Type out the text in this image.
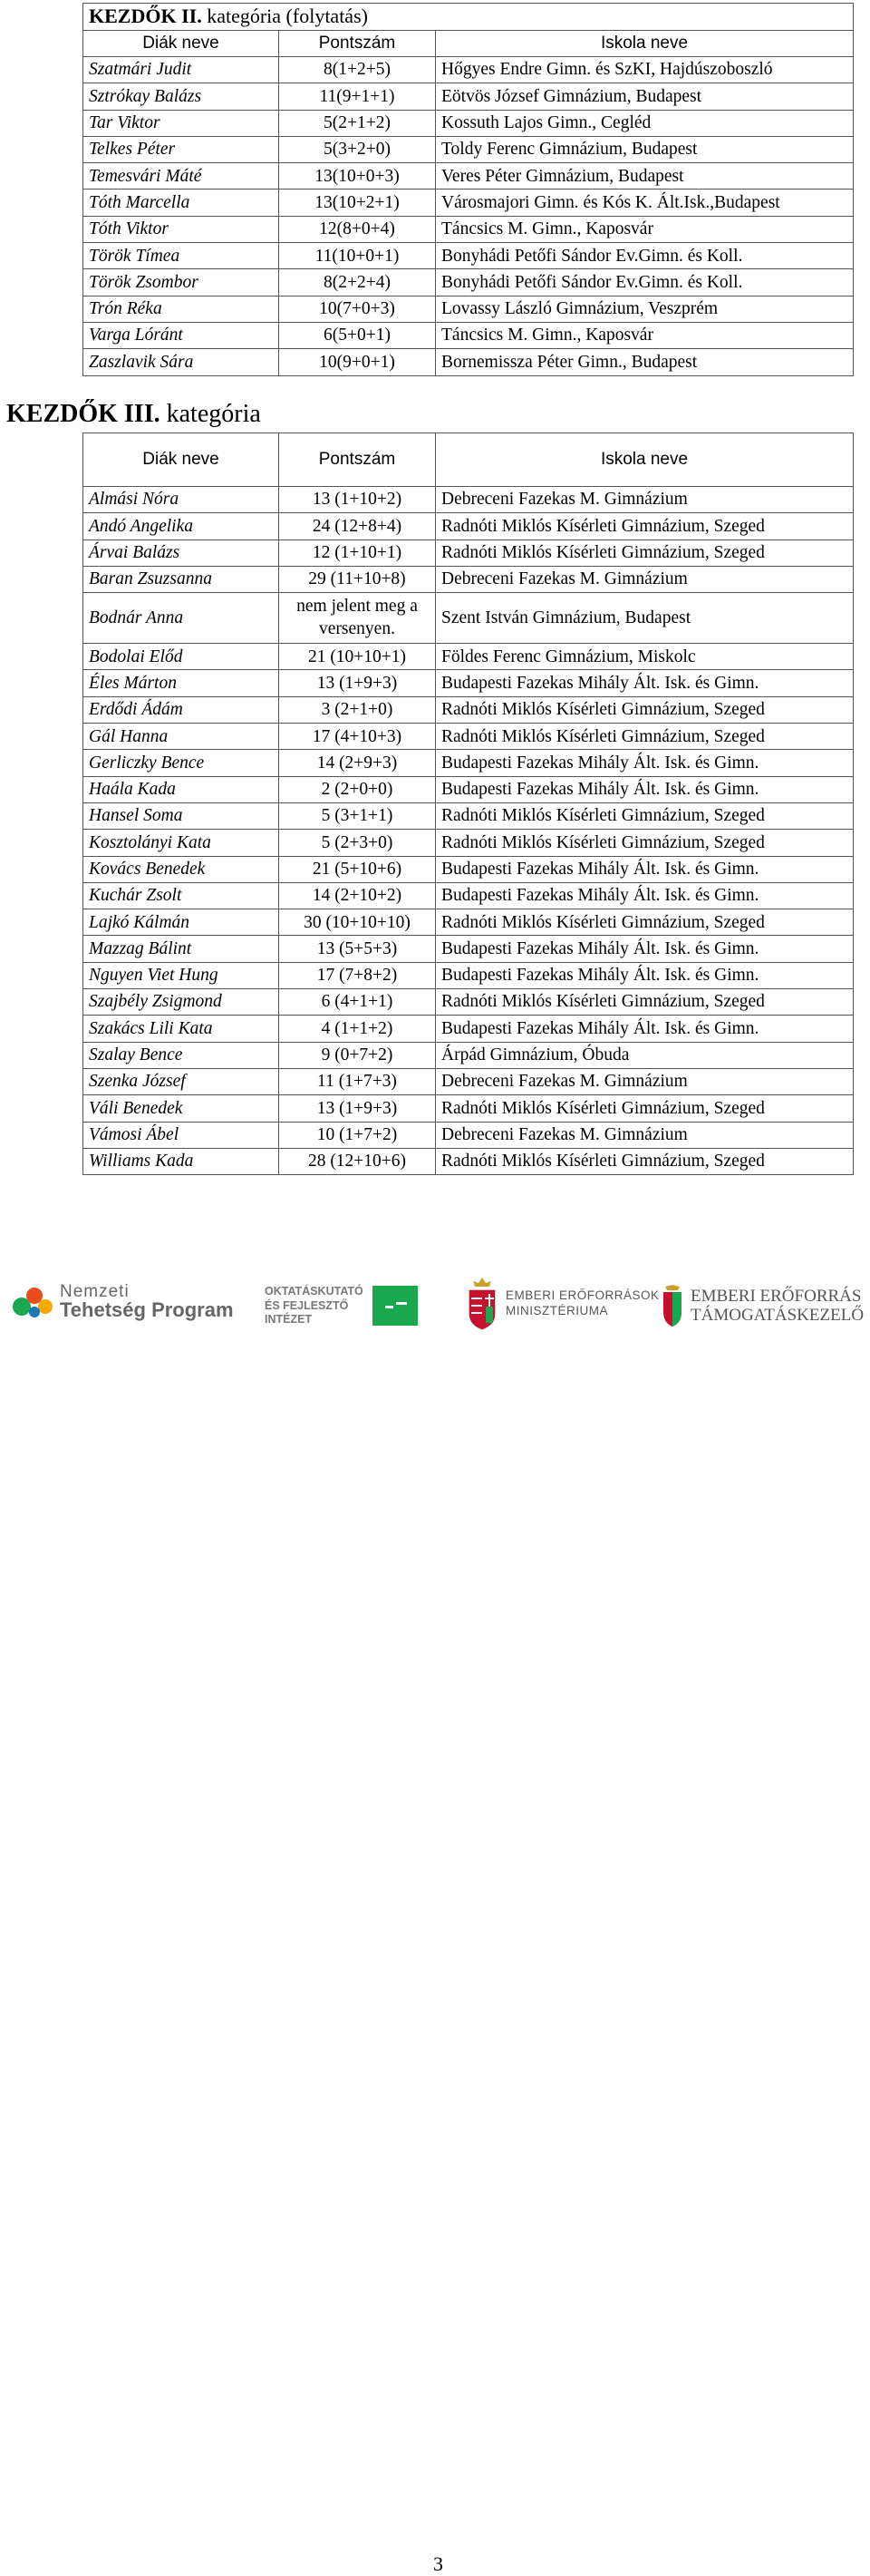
KEZDŐK II. kategória (folytatás)		
Diák neve	Pontszám	Iskola neve
Szatmári Judit	8(1+2+5)	Hőgyes Endre Gimn. és SzKI, Hajdúszoboszló
Sztrókay Balázs	11(9+1+1)	Eötvös József Gimnázium, Budapest
Tar Viktor	5(2+1+2)	Kossuth Lajos Gimn., Cegléd
Telkes Péter	5(3+2+0)	Toldy Ferenc Gimnázium, Budapest
Temesvári Máté	13(10+0+3)	Veres Péter Gimnázium, Budapest
Tóth Marcella	13(10+2+1)	Városmajori Gimn. és Kós K. Ált.Isk.,Budapest
Tóth Viktor	12(8+0+4)	Táncsics M. Gimn., Kaposvár
Török Tímea	11(10+0+1)	Bonyhádi Petőfi Sándor Ev.Gimn. és Koll.
Török Zsombor	8(2+2+4)	Bonyhádi Petőfi Sándor Ev.Gimn. és Koll.
Trón Réka	10(7+0+3)	Lovassy László Gimnázium, Veszprém
Varga Lóránt	6(5+0+1)	Táncsics M. Gimn., Kaposvár
Zaszlavik Sára	10(9+0+1)	Bornemissza Péter Gimn., Budapest
KEZDŐK III. kategória
Diák neve	Pontszám	Iskola neve
Almási Nóra	13 (1+10+2)	Debreceni Fazekas M. Gimnázium
Andó Angelika	24 (12+8+4)	Radnóti Miklós Kísérleti Gimnázium, Szeged
Árvai Balázs	12 (1+10+1)	Radnóti Miklós Kísérleti Gimnázium, Szeged
Baran Zsuzsanna	29 (11+10+8)	Debreceni Fazekas M. Gimnázium
Bodnár Anna	nem jelent meg a versenyen.	Szent István Gimnázium, Budapest
Bodolai Előd	21 (10+10+1)	Földes Ferenc Gimnázium, Miskolc
Éles Márton	13 (1+9+3)	Budapesti Fazekas Mihály Ált. Isk. és Gimn.
Erdődi Ádám	3 (2+1+0)	Radnóti Miklós Kísérleti Gimnázium, Szeged
Gál Hanna	17 (4+10+3)	Radnóti Miklós Kísérleti Gimnázium, Szeged
Gerliczky Bence	14 (2+9+3)	Budapesti Fazekas Mihály Ált. Isk. és Gimn.
Haála Kada	2 (2+0+0)	Budapesti Fazekas Mihály Ált. Isk. és Gimn.
Hansel Soma	5 (3+1+1)	Radnóti Miklós Kísérleti Gimnázium, Szeged
Kosztolányi Kata	5 (2+3+0)	Radnóti Miklós Kísérleti Gimnázium, Szeged
Kovács Benedek	21 (5+10+6)	Budapesti Fazekas Mihály Ált. Isk. és Gimn.
Kuchár Zsolt	14 (2+10+2)	Budapesti Fazekas Mihály Ált. Isk. és Gimn.
Lajkó Kálmán	30 (10+10+10)	Radnóti Miklós Kísérleti Gimnázium, Szeged
Mazzag Bálint	13 (5+5+3)	Budapesti Fazekas Mihály Ált. Isk. és Gimn.
Nguyen Viet Hung	17 (7+8+2)	Budapesti Fazekas Mihály Ált. Isk. és Gimn.
Szajbély Zsigmond	6 (4+1+1)	Radnóti Miklós Kísérleti Gimnázium, Szeged
Szakács Lili Kata	4 (1+1+2)	Budapesti Fazekas Mihály Ált. Isk. és Gimn.
Szalay Bence	9 (0+7+2)	Árpád Gimnázium, Óbuda
Szenka József	11 (1+7+3)	Debreceni Fazekas M. Gimnázium
Váli Benedek	13 (1+9+3)	Radnóti Miklós Kísérleti Gimnázium, Szeged
Vámosi Ábel	10 (1+7+2)	Debreceni Fazekas M. Gimnázium
Williams Kada	28 (12+10+6)	Radnóti Miklós Kísérleti Gimnázium, Szeged
Nemzeti
Tehetség Program
OKTATÁSKUTATÓ
ÉS FEJLESZTŐ
INTÉZET
3
EMBERI ERŐFORRÁSOK
MINISZTÉRIUMA
EMBERI ERŐFORRÁS
TÁMOGATÁSKEZELŐ
